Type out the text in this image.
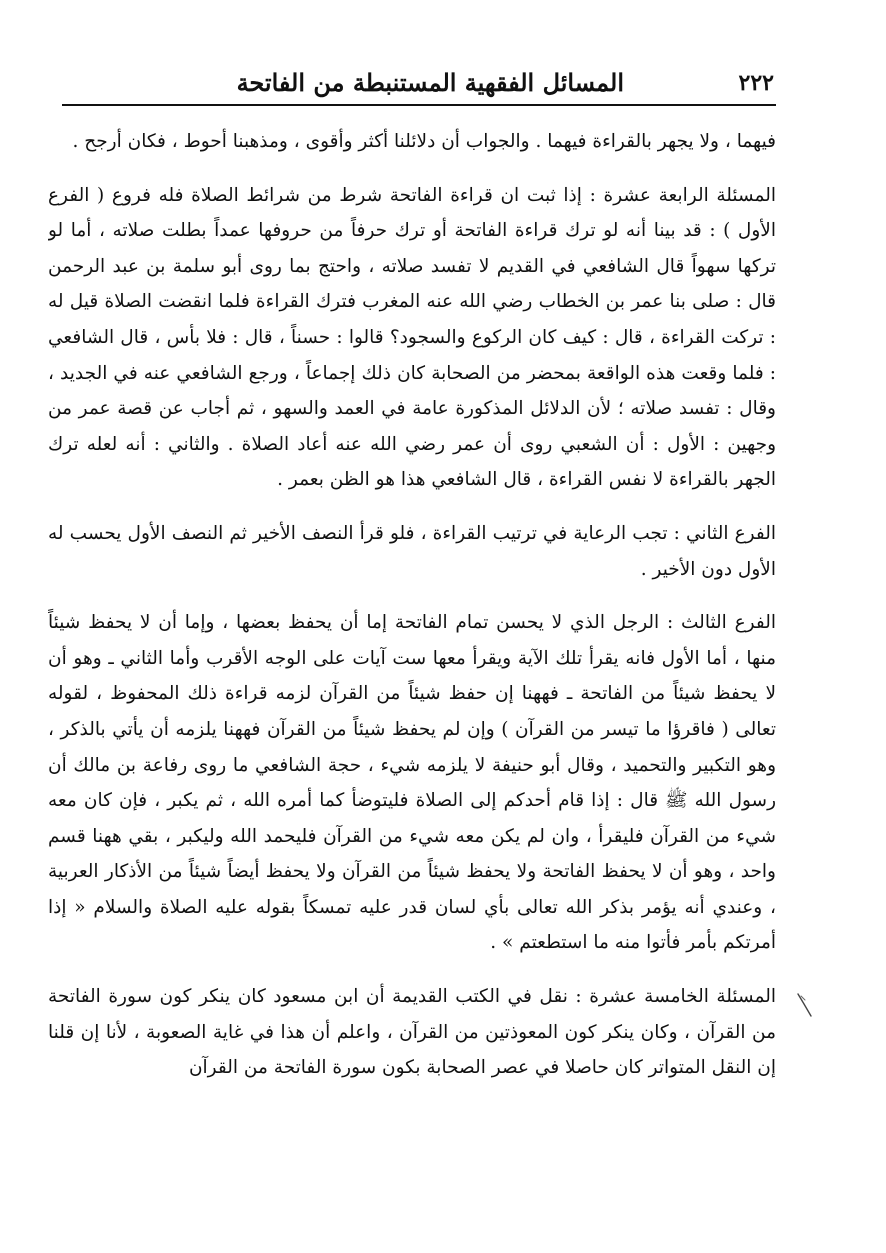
المسائل الفقهية المستنبطة من الفاتحة	٢٢٢

فيهما ، ولا يجهر بالقراءة فيهما . والجواب أن دلائلنا أكثر وأقوى ، ومذهبنا أحوط ، فكان أرجح .

المسئلة الرابعة عشرة : إذا ثبت ان قراءة الفاتحة شرط من شرائط الصلاة فله فروع ( الفرع الأول ) : قد بينا أنه لو ترك قراءة الفاتحة أو ترك حرفاً من حروفها عمداً بطلت صلاته ، أما لو تركها سهواً قال الشافعي في القديم لا تفسد صلاته ، واحتج بما روى أبو سلمة بن عبد الرحمن قال : صلى بنا عمر بن الخطاب رضي الله عنه المغرب فترك القراءة فلما انقضت الصلاة قيل له : تركت القراءة ، قال : كيف كان الركوع والسجود؟ قالوا : حسناً ، قال : فلا بأس ، قال الشافعي : فلما وقعت هذه الواقعة بمحضر من الصحابة كان ذلك إجماعاً ، ورجع الشافعي عنه في الجديد ، وقال : تفسد صلاته ؛ لأن الدلائل المذكورة عامة في العمد والسهو ، ثم أجاب عن قصة عمر من وجهين : الأول : أن الشعبي روى أن عمر رضي الله عنه أعاد الصلاة . والثاني : أنه لعله ترك الجهر بالقراءة لا نفس القراءة ، قال الشافعي هذا هو الظن بعمر .

الفرع الثاني : تجب الرعاية في ترتيب القراءة ، فلو قرأ النصف الأخير ثم النصف الأول يحسب له الأول دون الأخير .

الفرع الثالث : الرجل الذي لا يحسن تمام الفاتحة إما أن يحفظ بعضها ، وإما أن لا يحفظ شيئاً منها ، أما الأول فانه يقرأ تلك الآية ويقرأ معها ست آيات على الوجه الأقرب وأما الثاني ـ وهو أن لا يحفظ شيئاً من الفاتحة ـ فههنا إن حفظ شيئاً من القرآن لزمه قراءة ذلك المحفوظ ، لقوله تعالى ( فاقرؤا ما تيسر من القرآن ) وإن لم يحفظ شيئاً من القرآن فههنا يلزمه أن يأتي بالذكر ، وهو التكبير والتحميد ، وقال أبو حنيفة لا يلزمه شيء ، حجة الشافعي ما روى رفاعة بن مالك أن رسول الله ﷺ قال : إذا قام أحدكم إلى الصلاة فليتوضأ كما أمره الله ، ثم يكبر ، فإن كان معه شيء من القرآن فليقرأ ، وان لم يكن معه شيء من القرآن فليحمد الله وليكبر ، بقي ههنا قسم واحد ، وهو أن لا يحفظ الفاتحة ولا يحفظ شيئاً من القرآن ولا يحفظ أيضاً شيئاً من الأذكار العربية ، وعندي أنه يؤمر بذكر الله تعالى بأي لسان قدر عليه تمسكاً بقوله عليه الصلاة والسلام « إذا أمرتكم بأمر فأتوا منه ما استطعتم » .

المسئلة الخامسة عشرة : نقل في الكتب القديمة أن ابن مسعود كان ينكر كون سورة الفاتحة من القرآن ، وكان ينكر كون المعوذتين من القرآن ، واعلم أن هذا في غاية الصعوبة ، لأنا إن قلنا إن النقل المتواتر كان حاصلا في عصر الصحابة بكون سورة الفاتحة من القرآن
